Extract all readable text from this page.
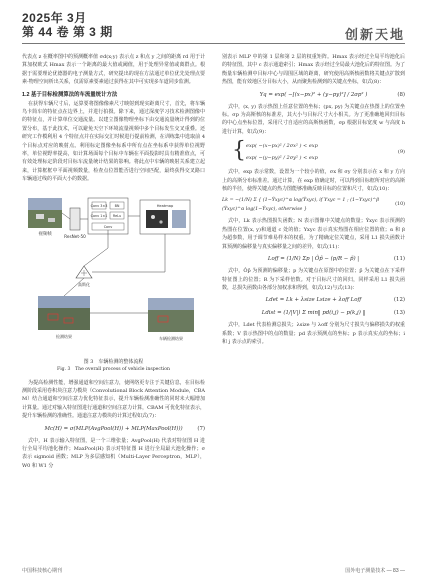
2025年 3月
第 44 卷 第 3 期	创新天地

代表点 z 在概率图中的预测概率值 σd(x;y) 表示点 z 和点 y 之间的距离 rd 用于计算加权欧式 Hmax 表示一个距离的最大值或阈值，用于处理异常值或离群点。根据于需要理论优德器的电子测量方式，研究提出的现在方法通过单位优先处理点要素-物理空间析出关系，仅需原素要素通过获得在其中可实现多车道同步监测。

1.2 基于目标检测算法的车流量统计方法

在获得车辆尺寸后，运算要将图像像素尺寸映射到现实距离尺寸，首先，将车辆鸟卡简车的特征点在边界上，并进行拍摄。除下来，通过深度学习技术检测图像中的特征点，并计算单位交通流量。以建立图像物理坐标下由交通流量统计得到的位置分布，基于此技术，可以避免天空下环境流量视频中多个目标发生交叉重叠。还研究工作模利用 4 个特征点并在实际交汇时候进行提前检测，在训练集中选取前 4 个目标点对应的映射点。利用标定图像坐标系中所有点在坐标系中获得单位视野率，单位视野率提高，如计算场面每个目标中车辆在平面投影时具有精准值点，可有效处理标定阶段对目标车流量统计结果的影响。将此点中车辆的映射关系建立起来，计算框框中平面视频数量，检查点位置能否进行空间匹配，最终获得交叉路口车辆通过线的平面大小的数据。

视频帧	ResNet-50
Conv 3×3
Conv 1×1
BN
ReLu
Conv
Heatmap
高斯化
检测结果	车辆检测结果
图 3　车辆检测的整体流程
Fig. 3　The overall process of vehicle inspection

为提高检测性能，增强通道和空间注意力，使网络更专注于关键信息，在目标检测阶段采用卷积块注意力模块（Convolutional Block Attention Module，CBAM）结合通道和空间注意力优化特征表示，提升车辆检测准确性的同时未大幅增加计算量。通过对输入特征图进行通道和空间注意力计算，CBAM 可优化特征表示，提升车辆检测的准确性。通道注意力模块的计算过程如式(7)：

Mc(H) = σ(MLP(AvgPool(H)) + MLP(MaxPool(H)))	(7)

式中，H 表示输入特征图，是一个三维张量；AvgPool(H) 代表对特征图 H 进行全局平均池化操作；MaxPool(H) 表示对特征图 H 进行全局最大池化操作；σ 表示 sigmoid 函数；MLP 为多层感知机（Multi-Layer Perceptron，MLP），W0 和 W1 分

别表示 MLP 中的第 1 层和第 2 层的权重矩阵。Hmax 表示经过全局平均池化后的特征图，其中 c 表示通道索引；Hmax 表示经过全局最大池化后的特征图。为了衡量车辆检测中目标中心与周围区域的距离，研究使用高斯核函数将关键点扩散到热图，能有效地区分目标大小，从而聚焦检测到的关键点坐标，如式(8)：

Yq = exp( −[(x−px)² + (y−py)²] / 2σp² )	(8)

式中，(x, y) 表示热图上任意位置的坐标；(px, py) 为关键点在热图上的位置坐标。σp 为高斯核的标准差，其大小与目标尺寸大小相关。为了更准确地回归目标的中心点坐标位置，采用尺寸自适应的高斯核函数，σp 根据目标宽度 w 与高度 h 进行计算，如式(9)：

{ exp( −(x−px)² / 2σx² ) < exp
exp( −(y−py)² / 2σy² ) < exp
(9)

式中，exp 表示常数，设置为一个较小的值，σx 和 σy 分别表示在 x 和 y 方向上的高斯分布标准差。通过计算，在 exp 值确定时，可以得到目标框所对应的高斯核的半径，使得关键点的热力图能够准确反映目标的位置和尺寸，如式(10)：

Lk = −(1/N) Σ { (1−Ŷxyc)^α log(Ŷxyc), if Yxyc = 1 ; (1−Yxyc)^β (Ŷxyc)^α log(1−Ŷxyc), otherwise }
(10)

式中，Lk 表示热图损失函数；N 表示图像中关键点的数量；Ŷxyc 表示预测的热图在位置(x, y)和通道 c 处的值；Yxyc 表示真实热图在相应位置的值；α 和 β 为超参数，用于调节难易样本的权重。为了精确定位关键点，采用 L1 损失函数计算预测的偏移量与真实偏移量之间的差异，如式(11)：

Loff = (1/N) Σp | Ôp̃ − (p/R − p̃) |	(11)

式中，Ôp̃ 为预测的偏移量；p 为关键点在原图中的位置；p̃ 为关键点在下采样特征图上的位置；R 为下采样倍数。对于目标尺寸的回归，同样采用 L1 损失函数，总损失函数由各部分加权求和得到，如式(12)与式(13)：

Ldet = Lk + λsize Lsize + λoff Loff	(12)
Ldist = (1/|V|) Σ min‖ pd(i,j) − p(k,j) ‖	(13)

式中，Ldet 代表检测总损失；λsize 与 λoff 分别为尺寸损失与偏移损失的权重系数；V 表示热图中的点的数量；pd 表示预测点的坐标；p 表示真实点的坐标；i 和 j 表示点的索引。

中国科技核心期刊	国外电子测量技术 — 83 —
